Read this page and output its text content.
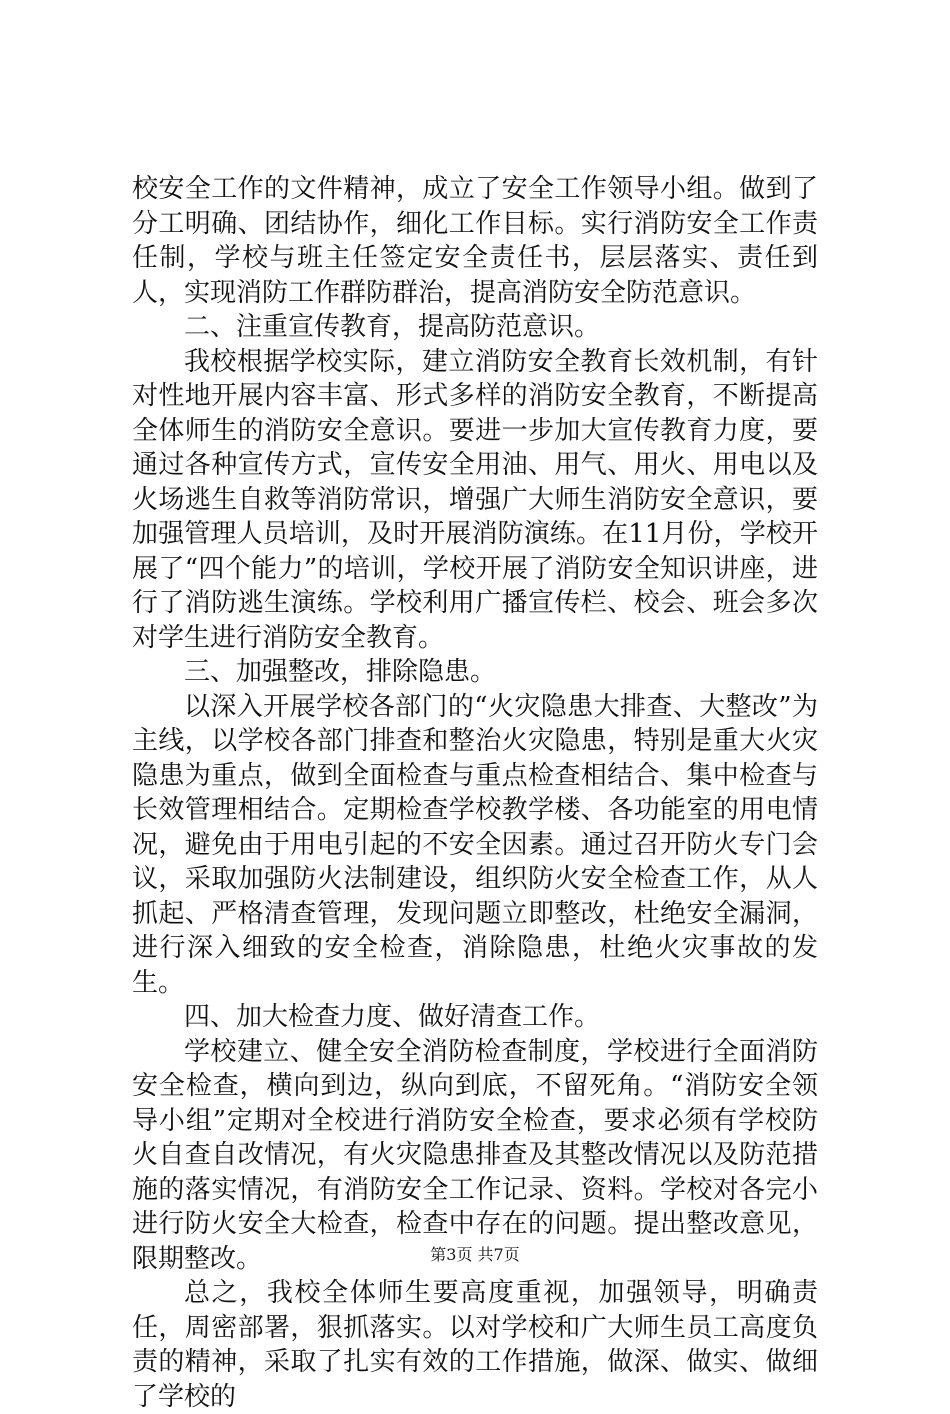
校安全工作的文件精神，成立了安全工作领导小组。做到了分工明确、团结协作，细化工作目标。实行消防安全工作责任制，学校与班主任签定安全责任书，层层落实、责任到人，实现消防工作群防群治，提高消防安全防范意识。

二、注重宣传教育，提高防范意识。

我校根据学校实际，建立消防安全教育长效机制，有针对性地开展内容丰富、形式多样的消防安全教育，不断提高全体师生的消防安全意识。要进一步加大宣传教育力度，要通过各种宣传方式，宣传安全用油、用气、用火、用电以及火场逃生自救等消防常识，增强广大师生消防安全意识，要加强管理人员培训，及时开展消防演练。在11月份，学校开展了“四个能力”的培训，学校开展了消防安全知识讲座，进行了消防逃生演练。学校利用广播宣传栏、校会、班会多次对学生进行消防安全教育。

三、加强整改，排除隐患。

以深入开展学校各部门的“火灾隐患大排查、大整改”为主线，以学校各部门排查和整治火灾隐患，特别是重大火灾隐患为重点，做到全面检查与重点检查相结合、集中检查与长效管理相结合。定期检查学校教学楼、各功能室的用电情况，避免由于用电引起的不安全因素。通过召开防火专门会议，采取加强防火法制建设，组织防火安全检查工作，从人抓起、严格清查管理，发现问题立即整改，杜绝安全漏洞，进行深入细致的安全检查，消除隐患，杜绝火灾事故的发生。

四、加大检查力度、做好清查工作。

学校建立、健全安全消防检查制度，学校进行全面消防安全检查，横向到边，纵向到底，不留死角。“消防安全领导小组”定期对全校进行消防安全检查，要求必须有学校防火自查自改情况，有火灾隐患排查及其整改情况以及防范措施的落实情况，有消防安全工作记录、资料。学校对各完小进行防火安全大检查，检查中存在的问题。提出整改意见，限期整改。

总之，我校全体师生要高度重视，加强领导，明确责任，周密部署，狠抓落实。以对学校和广大师生员工高度负责的精神，采取了扎实有效的工作措施，做深、做实、做细了学校的

第3页 共7页
